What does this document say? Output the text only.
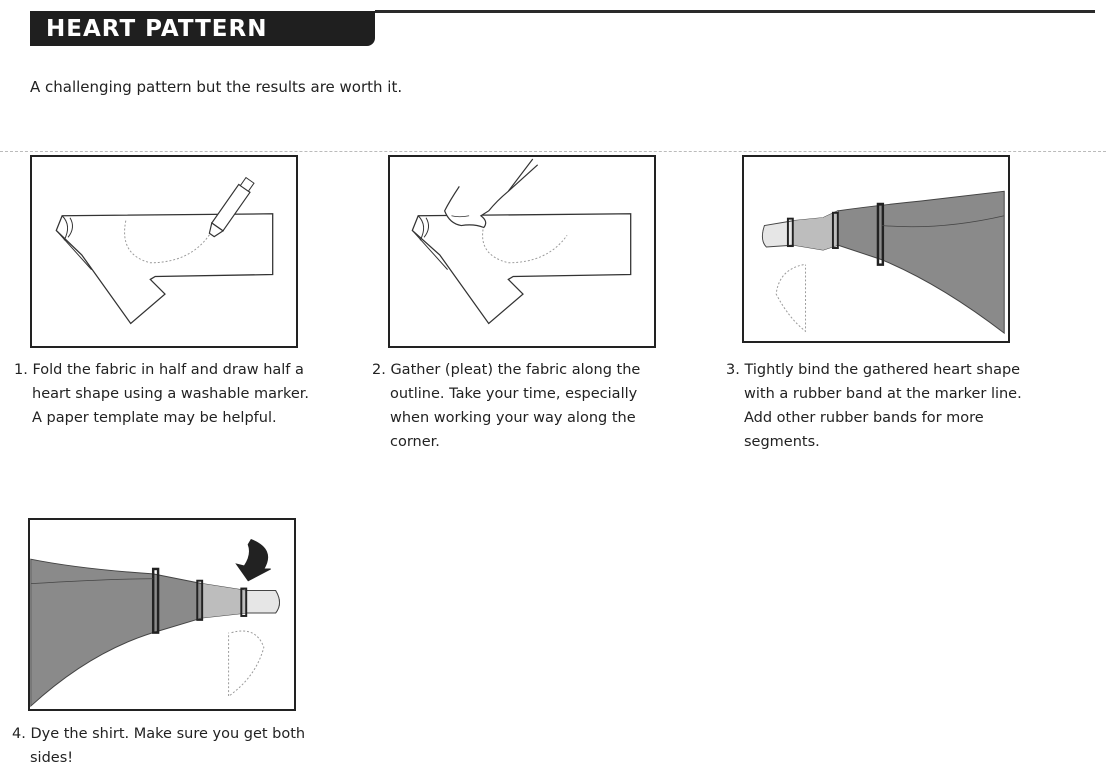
HEART PATTERN
A challenging pattern but the results are worth it.
1. Fold the fabric in half and draw half a
heart shape using a washable marker.
A paper template may be helpful.
2. Gather (pleat) the fabric along the
outline. Take your time, especially
when working your way along the
corner.
3. Tightly bind the gathered heart shape
with a rubber band at the marker line.
Add other rubber bands for more
segments.
4. Dye the shirt. Make sure you get both
sides!
